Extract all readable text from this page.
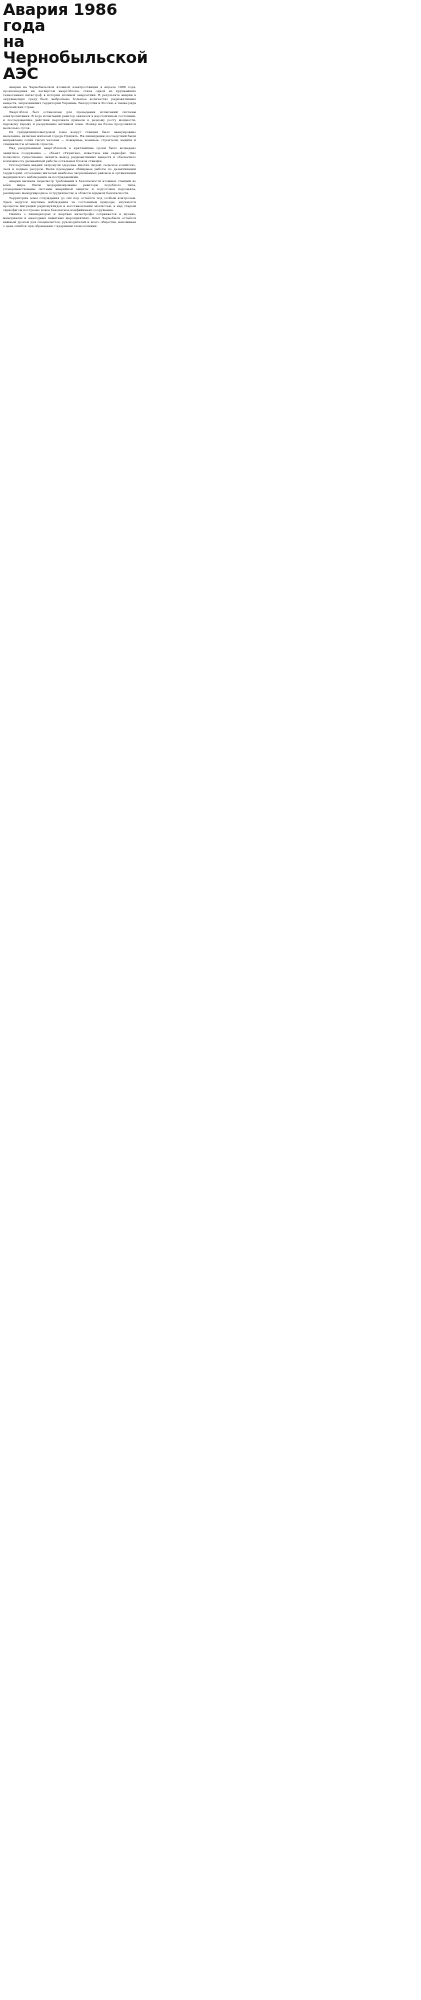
Авария 1986 года
на Чернобыльской АЭС

Авария на Чернобыльской атомной электростанции в апреле 1986 года, произошедшая на четвёртом энергоблоке, стала одной из крупнейших техногенных катастроф в истории атомной энергетики. В результате аварии в окружающую среду было выброшено большое количество радиоактивных веществ, загрязнивших территории Украины, Белоруссии и России, а также ряда европейских стран.

Энергоблок был остановлен для проведения испытаний системы электропитания. В ходе испытаний реактор оказался в неустойчивом состоянии, и последовавшие действия персонала привели к резкому росту мощности, паровому взрыву и разрушению активной зоны. Пожар на блоке продолжался несколько суток.

Из тридцатикилометровой зоны вокруг станции было эвакуировано население, включая жителей города Припять. На ликвидацию последствий были направлены сотни тысяч человек — пожарные, военные, строители, медики и специалисты атомной отрасли.

Над разрушенным энергоблоком в кратчайшие сроки было возведено защитное сооружение — объект «Укрытие», известное как саркофаг. Оно позволило существенно снизить выход радиоактивных веществ и обеспечило возможность дальнейшей работы остальных блоков станции.

Последствия аварии затронули здоровье многих людей, сельское хозяйство, леса и водные ресурсы. Были проведены обширные работы по дезактивации территорий, отселению жителей наиболее загрязнённых районов и организации медицинского наблюдения за пострадавшими.

Авария вызвала пересмотр требований к безопасности атомных станций во всём мире. Были модернизированы реакторы подобного типа, усовершенствованы системы аварийной защиты и подготовка персонала, расширено международное сотрудничество в области ядерной безопасности.

Территория зоны отчуждения до сих пор остаётся под особым контролем. Здесь ведутся научные наблюдения за состоянием природы, изучаются процессы миграции радионуклидов и восстановления экосистем, а над старым саркофагом построено новое безопасное конфайнмент-сооружение.

Память о ликвидаторах и жертвах катастрофы сохраняется в музеях, мемориалах и ежегодных памятных мероприятиях. Опыт Чернобыля остаётся важным уроком для специалистов, руководителей и всего общества, напоминая о цене ошибок при обращении с ядерными технологиями.
